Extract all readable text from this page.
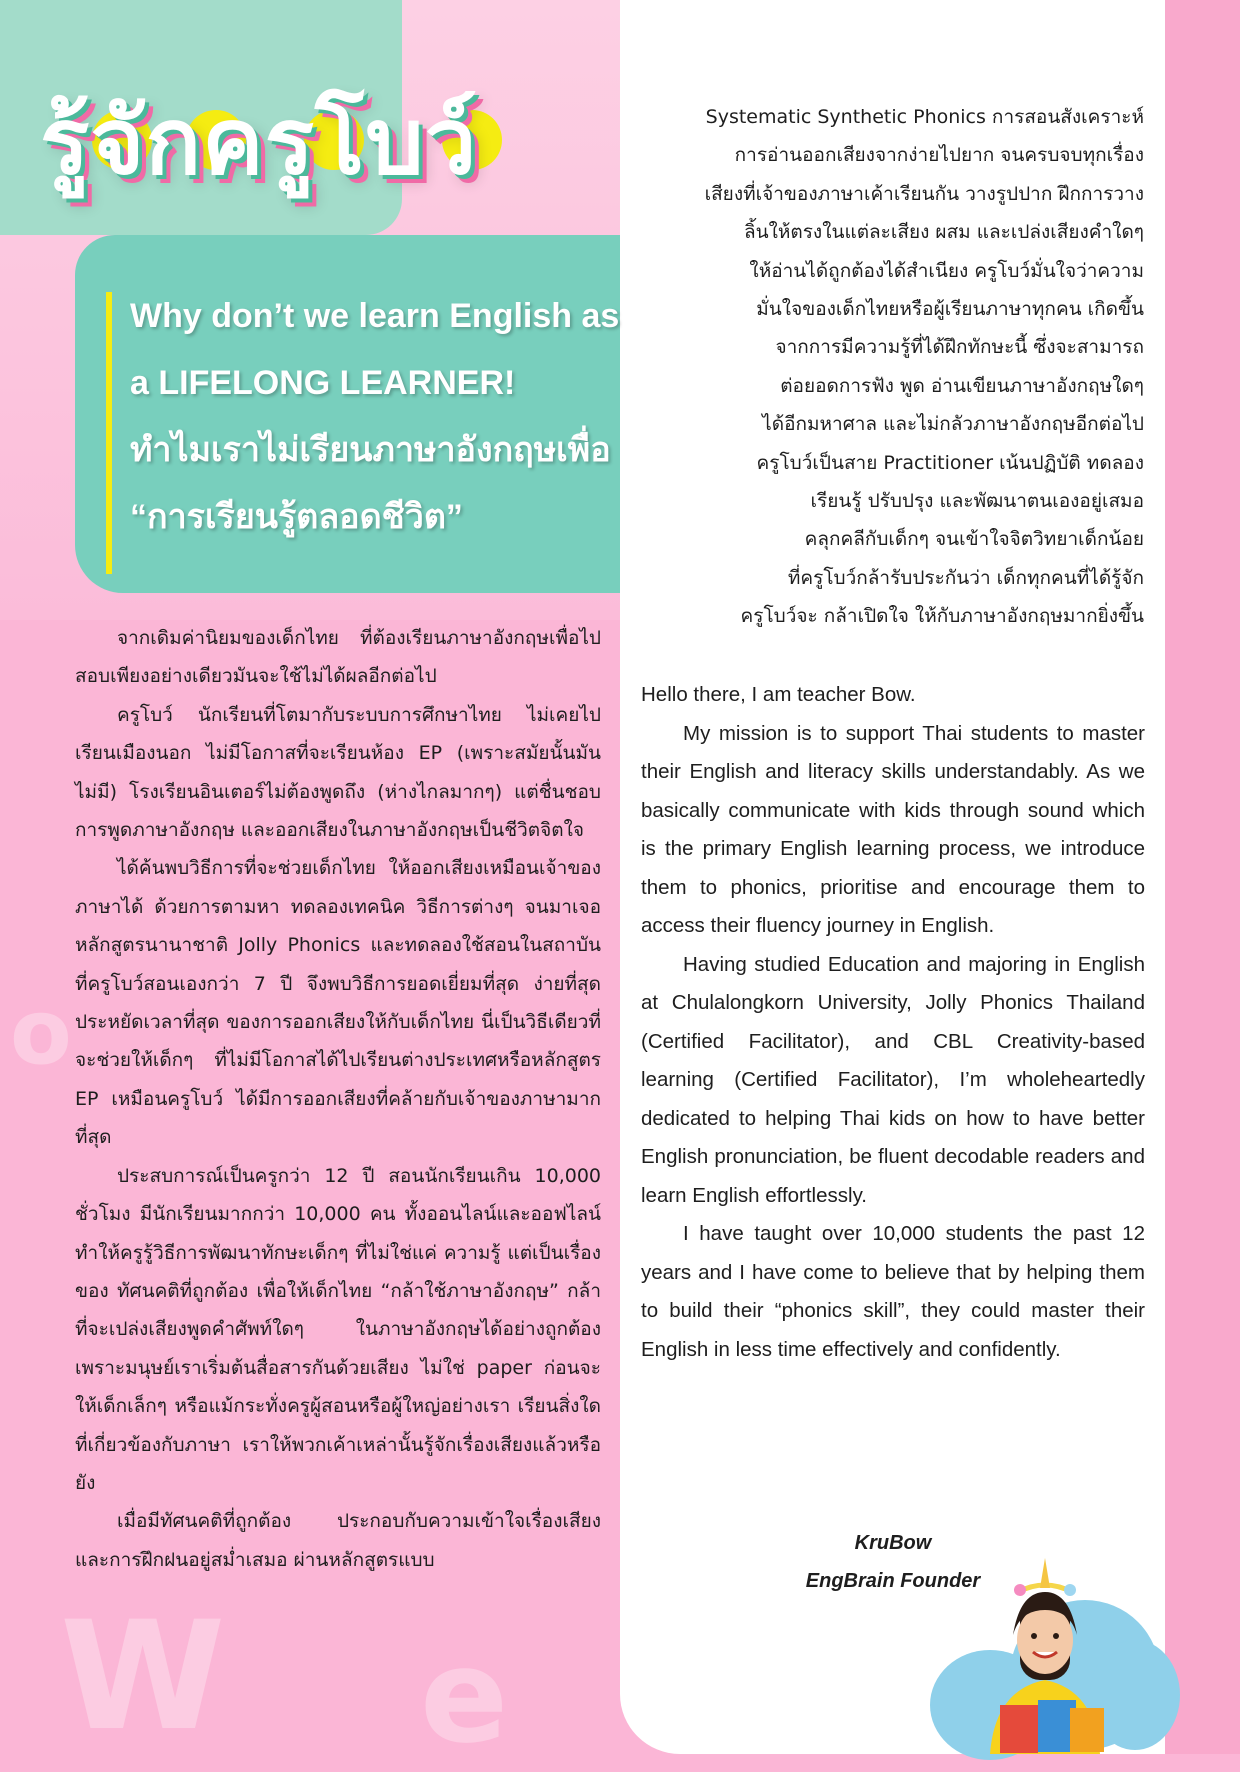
W e
o
รู้จักครูโบว์
Why don’t we learn English as
a LIFELONG LEARNER!
ทำไมเราไม่เรียนภาษาอังกฤษเพื่อ
“การเรียนรู้ตลอดชีวิต”

จากเดิมค่านิยมของเด็กไทย ที่ต้องเรียนภาษาอังกฤษเพื่อไปสอบเพียงอย่างเดียวมันจะใช้ไม่ได้ผลอีกต่อไป

ครูโบว์ นักเรียนที่โตมากับระบบการศึกษาไทย ไม่เคยไปเรียนเมืองนอก ไม่มีโอกาสที่จะเรียนห้อง EP (เพราะสมัยนั้นมันไม่มี) โรงเรียนอินเตอร์ไม่ต้องพูดถึง (ห่างไกลมากๆ) แต่ชื่นชอบการพูดภาษาอังกฤษ และออกเสียงในภาษาอังกฤษเป็นชีวิตจิตใจ

ได้ค้นพบวิธีการที่จะช่วยเด็กไทย ให้ออกเสียงเหมือนเจ้าของภาษาได้ ด้วยการตามหา ทดลองเทคนิค วิธีการต่างๆ จนมาเจอ หลักสูตรนานาชาติ Jolly Phonics และทดลองใช้สอนในสถาบันที่ครูโบว์สอนเองกว่า 7 ปี จึงพบวิธีการยอดเยี่ยมที่สุด ง่ายที่สุด ประหยัดเวลาที่สุด ของการออกเสียงให้กับเด็กไทย นี่เป็นวิธีเดียวที่จะช่วยให้เด็กๆ ที่ไม่มีโอกาสได้ไปเรียนต่างประเทศหรือหลักสูตร EP เหมือนครูโบว์ ได้มีการออกเสียงที่คล้ายกับเจ้าของภาษามากที่สุด

ประสบการณ์เป็นครูกว่า 12 ปี สอนนักเรียนเกิน 10,000 ชั่วโมง มีนักเรียนมากกว่า 10,000 คน ทั้งออนไลน์และออฟไลน์ ทำให้ครูรู้วิธีการพัฒนาทักษะเด็กๆ ที่ไม่ใช่แค่ ความรู้ แต่เป็นเรื่องของ ทัศนคติที่ถูกต้อง เพื่อให้เด็กไทย “กล้าใช้ภาษาอังกฤษ” กล้าที่จะเปล่งเสียงพูดคำศัพท์ใดๆ ในภาษาอังกฤษได้อย่างถูกต้องเพราะมนุษย์เราเริ่มต้นสื่อสารกันด้วยเสียง ไม่ใช่ paper ก่อนจะให้เด็กเล็กๆ หรือแม้กระทั่งครูผู้สอนหรือผู้ใหญ่อย่างเรา เรียนสิ่งใดที่เกี่ยวข้องกับภาษา เราให้พวกเค้าเหล่านั้นรู้จักเรื่องเสียงแล้วหรือยัง

เมื่อมีทัศนคติที่ถูกต้อง ประกอบกับความเข้าใจเรื่องเสียง และการฝึกฝนอยู่สม่ำเสมอ ผ่านหลักสูตรแบบ

Systematic Synthetic Phonics การสอนสังเคราะห์
การอ่านออกเสียงจากง่ายไปยาก จนครบจบทุกเรื่อง
เสียงที่เจ้าของภาษาเค้าเรียนกัน วางรูปปาก ฝึกการวาง
ลิ้นให้ตรงในแต่ละเสียง ผสม และเปล่งเสียงคำใดๆ
ให้อ่านได้ถูกต้องได้สำเนียง ครูโบว์มั่นใจว่าความ
มั่นใจของเด็กไทยหรือผู้เรียนภาษาทุกคน เกิดขึ้น
จากการมีความรู้ที่ได้ฝึกทักษะนี้ ซึ่งจะสามารถ
ต่อยอดการฟัง พูด อ่านเขียนภาษาอังกฤษใดๆ
ได้อีกมหาศาล และไม่กลัวภาษาอังกฤษอีกต่อไป
ครูโบว์เป็นสาย Practitioner เน้นปฏิบัติ ทดลอง
เรียนรู้ ปรับปรุง และพัฒนาตนเองอยู่เสมอ
คลุกคลีกับเด็กๆ จนเข้าใจจิตวิทยาเด็กน้อย
ที่ครูโบว์กล้ารับประกันว่า เด็กทุกคนที่ได้รู้จัก
ครูโบว์จะ กล้าเปิดใจ ให้กับภาษาอังกฤษมากยิ่งขึ้น

Hello there, I am teacher Bow.

My mission is to support Thai students to master their English and literacy skills understandably. As we basically communicate with kids through sound which is the primary English learning process, we introduce them to phonics, prioritise and encourage them to access their fluency journey in English.

Having studied Education and majoring in English at Chulalongkorn University, Jolly Phonics Thailand (Certified Facilitator), and CBL Creativity-based learning (Certified Facilitator), I’m wholeheartedly dedicated to helping Thai kids on how to have better English pronunciation, be fluent decodable readers and learn English effortlessly.

I have taught over 10,000 students the past 12 years and I have come to believe that by helping them to build their “phonics skill”, they could master their English in less time effectively and confidently.

KruBow
EngBrain Founder
